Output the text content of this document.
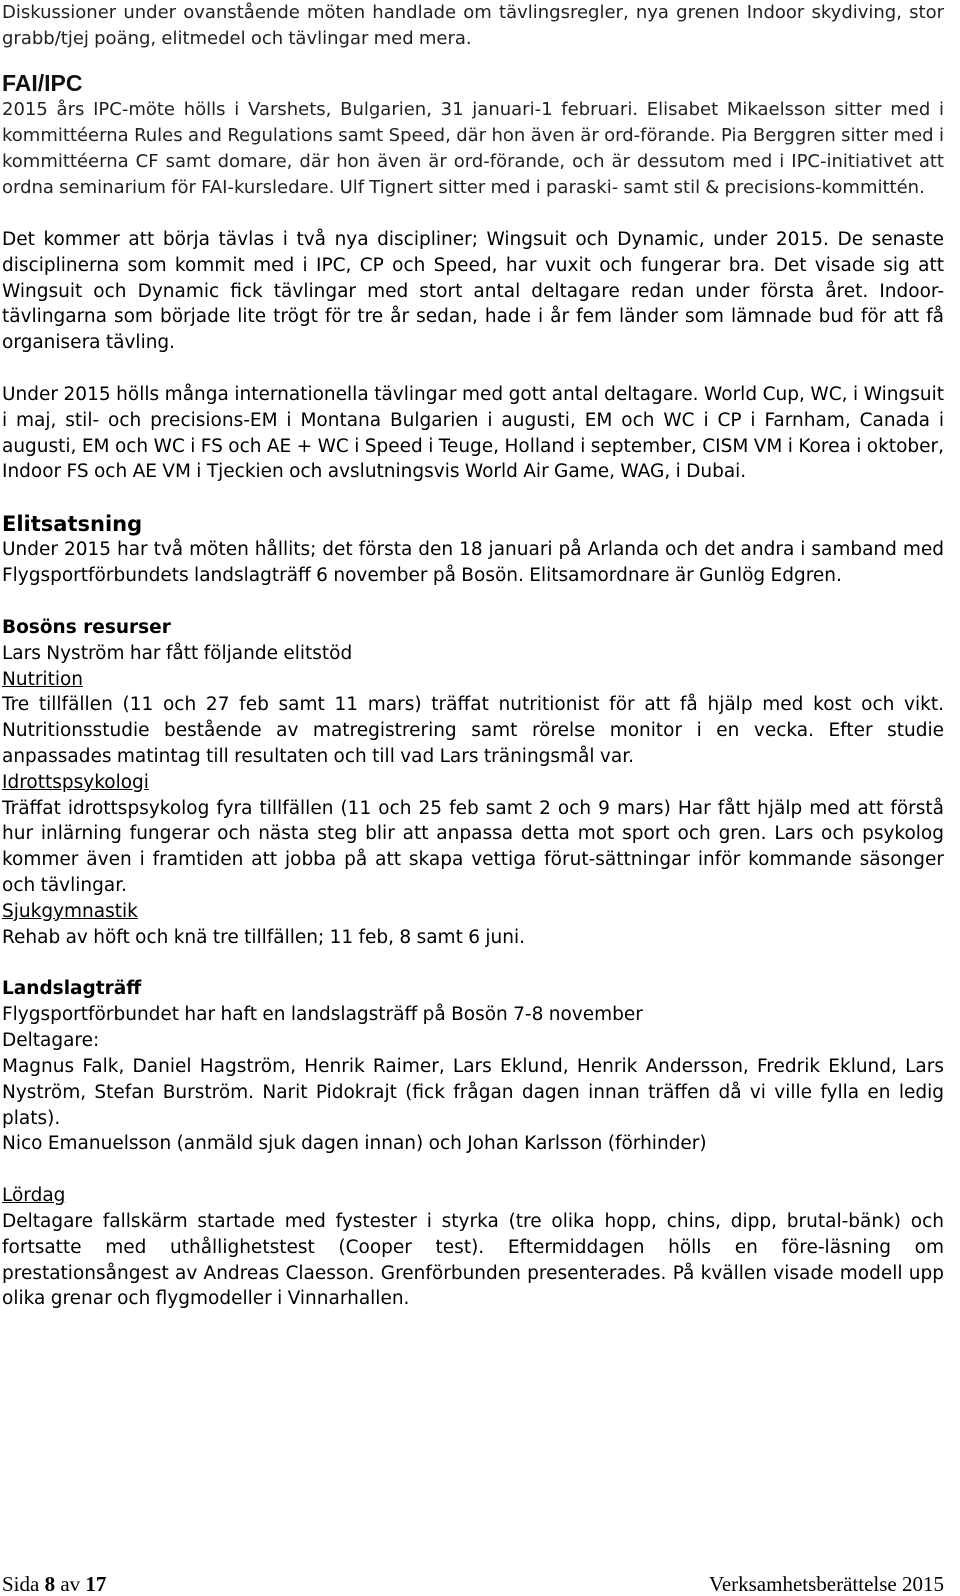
Diskussioner under ovanstående möten handlade om tävlingsregler, nya grenen Indoor skydiving, stor grabb/tjej poäng, elitmedel och tävlingar med mera.

FAI/IPC

2015 års IPC-möte hölls i Varshets, Bulgarien, 31 januari-1 februari. Elisabet Mikaelsson sitter med i kommittéerna Rules and Regulations samt Speed, där hon även är ord-förande. Pia Berggren sitter med i kommittéerna CF samt domare, där hon även är ord-förande, och är dessutom med i IPC-initiativet att ordna seminarium för FAI-kursledare. Ulf Tignert sitter med i paraski- samt stil & precisions-kommittén.

Det kommer att börja tävlas i två nya discipliner; Wingsuit och Dynamic, under 2015. De senaste disciplinerna som kommit med i IPC, CP och Speed, har vuxit och fungerar bra. Det visade sig att Wingsuit och Dynamic fick tävlingar med stort antal deltagare redan under första året. Indoor-tävlingarna som började lite trögt för tre år sedan, hade i år fem länder som lämnade bud för att få organisera tävling.

Under 2015 hölls många internationella tävlingar med gott antal deltagare. World Cup, WC, i Wingsuit i maj, stil- och precisions-EM i Montana Bulgarien i augusti, EM och WC i CP i Farnham, Canada i augusti, EM och WC i FS och AE + WC i Speed i Teuge, Holland i september, CISM VM i Korea i oktober, Indoor FS och AE VM i Tjeckien och avslutningsvis World Air Game, WAG, i Dubai.

Elitsatsning

Under 2015 har två möten hållits; det första den 18 januari på Arlanda och det andra i samband med Flygsportförbundets landslagträff 6 november på Bosön. Elitsamordnare är Gunlög Edgren.

Bosöns resurser

Lars Nyström har fått följande elitstöd

Nutrition

Tre tillfällen (11 och 27 feb samt 11 mars) träffat nutritionist för att få hjälp med kost och vikt. Nutritionsstudie bestående av matregistrering samt rörelse monitor i en vecka. Efter studie anpassades matintag till resultaten och till vad Lars träningsmål var.

Idrottspsykologi

Träffat idrottspsykolog fyra tillfällen (11 och 25 feb samt 2 och 9 mars) Har fått hjälp med att förstå hur inlärning fungerar och nästa steg blir att anpassa detta mot sport och gren. Lars och psykolog kommer även i framtiden att jobba på att skapa vettiga förut-sättningar inför kommande säsonger och tävlingar.

Sjukgymnastik

Rehab av höft och knä tre tillfällen; 11 feb, 8 samt 6 juni.

Landslagträff

Flygsportförbundet har haft en landslagsträff på Bosön 7-8 november

Deltagare:

Magnus Falk, Daniel Hagström, Henrik Raimer, Lars Eklund, Henrik Andersson, Fredrik Eklund, Lars Nyström, Stefan Burström. Narit Pidokrajt (fick frågan dagen innan träffen då vi ville fylla en ledig plats).

Nico Emanuelsson (anmäld sjuk dagen innan) och Johan Karlsson (förhinder)

Lördag

Deltagare fallskärm startade med fystester i styrka (tre olika hopp, chins, dipp, brutal-bänk) och fortsatte med uthållighetstest (Cooper test). Eftermiddagen hölls en före-läsning om prestationsångest av Andreas Claesson. Grenförbunden presenterades. På kvällen visade modell upp olika grenar och flygmodeller i Vinnarhallen.

Sida 8 av 17	Verksamhetsberättelse 2015
